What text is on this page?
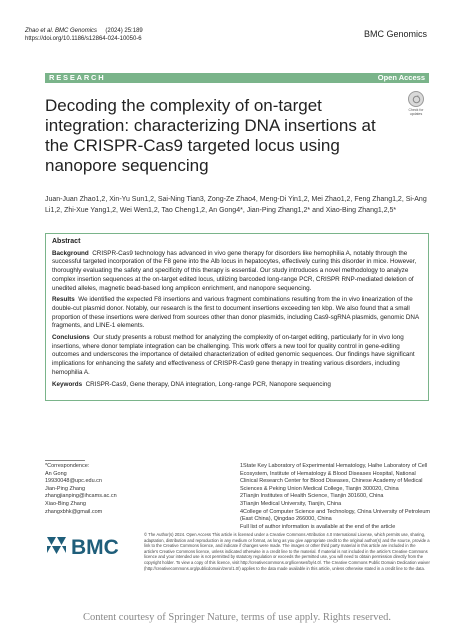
Zhao et al. BMC Genomics (2024) 25:189
https://doi.org/10.1186/s12864-024-10050-6	BMC Genomics
RESEARCH	Open Access
Check for updates
Decoding the complexity of on-target integration: characterizing DNA insertions at the CRISPR-Cas9 targeted locus using nanopore sequencing
Juan-Juan Zhao1,2, Xin-Yu Sun1,2, Sai-Ning Tian3, Zong-Ze Zhao4, Meng-Di Yin1,2, Mei Zhao1,2, Feng Zhang1,2, Si-Ang Li1,2, Zhi-Xue Yang1,2, Wei Wen1,2, Tao Cheng1,2, An Gong4*, Jian-Ping Zhang1,2* and Xiao-Bing Zhang1,2,5*
Abstract

Background CRISPR-Cas9 technology has advanced in vivo gene therapy for disorders like hemophilia A, notably through the successful targeted incorporation of the F8 gene into the Alb locus in hepatocytes, effectively curing this disorder in mice. However, thoroughly evaluating the safety and specificity of this therapy is essential. Our study introduces a novel methodology to analyze complex insertion sequences at the on-target edited locus, utilizing barcoded long-range PCR, CRISPR RNP-mediated deletion of unedited alleles, magnetic bead-based long amplicon enrichment, and nanopore sequencing.

Results We identified the expected F8 insertions and various fragment combinations resulting from the in vivo linearization of the double-cut plasmid donor. Notably, our research is the first to document insertions exceeding ten kbp. We also found that a small proportion of these insertions were derived from sources other than donor plasmids, including Cas9-sgRNA plasmids, genomic DNA fragments, and LINE-1 elements.

Conclusions Our study presents a robust method for analyzing the complexity of on-target editing, particularly for in vivo long insertions, where donor template integration can be challenging. This work offers a new tool for quality control in gene-editing outcomes and underscores the importance of detailed characterization of edited genomic sequences. Our findings have significant implications for enhancing the safety and effectiveness of CRISPR-Cas9 gene therapy in treating various disorders, including hemophilia A.

Keywords CRISPR-Cas9, Gene therapy, DNA integration, Long-range PCR, Nanopore sequencing

*Correspondence:
An Gong
19930048@upc.edu.cn
Jian-Ping Zhang
zhangjianping@ihcams.ac.cn
Xiao-Bing Zhang
zhangxbhk@gmail.com
1State Key Laboratory of Experimental Hematology, Haihe Laboratory of Cell Ecosystem, Institute of Hematology & Blood Diseases Hospital, National Clinical Research Center for Blood Diseases, Chinese Academy of Medical Sciences & Peking Union Medical College, Tianjin 300020, China
2Tianjin Institutes of Health Science, Tianjin 301600, China
3Tianjin Medical University, Tianjin, China
4College of Computer Science and Technology, China University of Petroleum (East China), Qingdao 266000, China
Full list of author information is available at the end of the article
BMC
© The Author(s) 2024. Open Access This article is licensed under a Creative Commons Attribution 4.0 International License, which permits use, sharing, adaptation, distribution and reproduction in any medium or format, as long as you give appropriate credit to the original author(s) and the source, provide a link to the Creative Commons licence, and indicate if changes were made. The images or other third party material in this article are included in the article's Creative Commons licence, unless indicated otherwise in a credit line to the material. If material is not included in the article's Creative Commons licence and your intended use is not permitted by statutory regulation or exceeds the permitted use, you will need to obtain permission directly from the copyright holder. To view a copy of this licence, visit http://creativecommons.org/licenses/by/4.0/. The Creative Commons Public Domain Dedication waiver (http://creativecommons.org/publicdomain/zero/1.0/) applies to the data made available in this article, unless otherwise stated in a credit line to the data.
Content courtesy of Springer Nature, terms of use apply. Rights reserved.
